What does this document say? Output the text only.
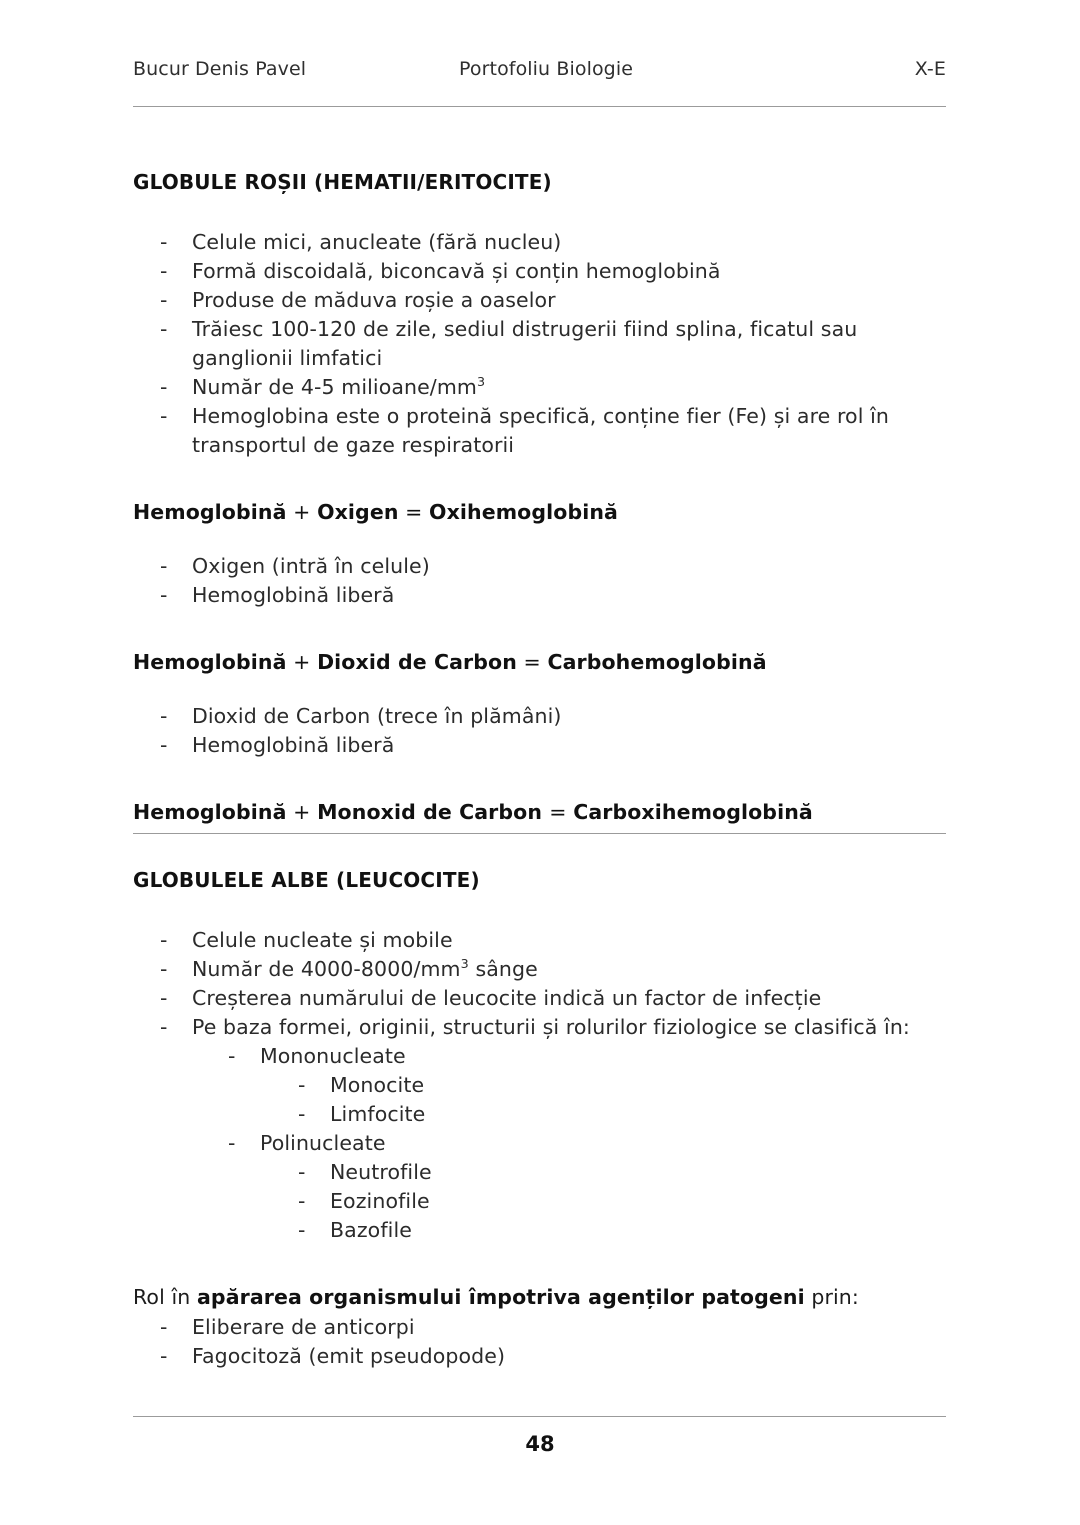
Bucur Denis Pavel	Portofoliu Biologie	X-E
GLOBULE ROȘII (HEMATII/ERITOCITE)
- Celule mici, anucleate (fără nucleu)
- Formă discoidală, biconcavă și conțin hemoglobină
- Produse de măduva roșie a oaselor
- Trăiesc 100-120 de zile, sediul distrugerii fiind splina, ficatul sau ganglionii limfatici
- Număr de 4-5 milioane/$mm^3$
- Hemoglobina este o proteină specifică, conține fier (Fe) și are rol în transportul de gaze respiratorii

Hemoglobină + Oxigen = Oxihemoglobină

- Oxigen (intră în celule)
- Hemoglobină liberă

Hemoglobină + Dioxid de Carbon = Carbohemoglobină

- Dioxid de Carbon (trece în plămâni)
- Hemoglobină liberă

Hemoglobină + Monoxid de Carbon = Carboxihemoglobină

GLOBULELE ALBE (LEUCOCITE)
- Celule nucleate și mobile
- Număr de $4000-8000/mm^3$ sânge
- Creșterea numărului de leucocite indică un factor de infecție
- Pe baza formei, originii, structurii și rolurilor fiziologice se clasifică în:
- Mononucleate
- Monocite
- Limfocite
- Polinucleate
- Neutrofile
- Eozinofile
- Bazofile

Rol în apărarea organismului împotriva agenților patogeni prin:

- Eliberare de anticorpi
- Fagocitoză (emit pseudopode)
48
